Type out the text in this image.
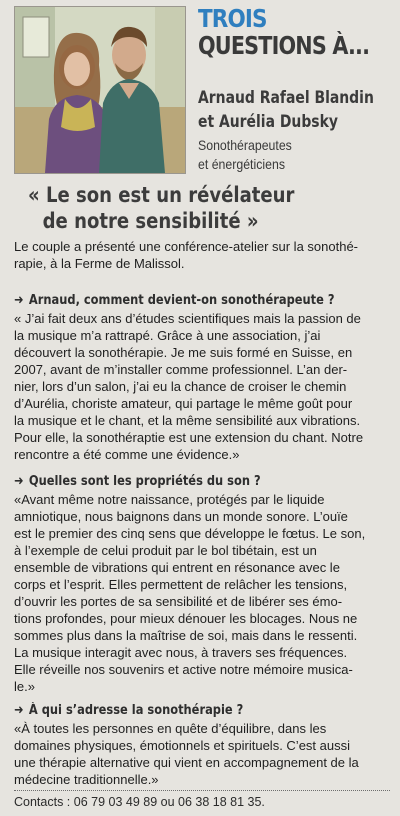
TROIS
QUESTIONS À...
Arnaud Rafael Blandin
et Aurélia Dubsky
Sonothérapeutes
et énergéticiens
« Le son est un révélateur
de notre sensibilité »
Le couple a présenté une conférence-atelier sur la sonothé-
rapie, à la Ferme de Malissol.
➜ Arnaud, comment devient-on sonothérapeute ?
« J’ai fait deux ans d’études scientifiques mais la passion de
la musique m’a rattrapé. Grâce à une association, j’ai
découvert la sonothérapie. Je me suis formé en Suisse, en
2007, avant de m’installer comme professionnel. L’an der-
nier, lors d’un salon, j’ai eu la chance de croiser le chemin
d’Aurélia, choriste amateur, qui partage le même goût pour
la musique et le chant, et la même sensibilité aux vibrations.
Pour elle, la sonothéraptie est une extension du chant. Notre
rencontre a été comme une évidence.»
➜ Quelles sont les propriétés du son ?
«Avant même notre naissance, protégés par le liquide
amniotique, nous baignons dans un monde sonore. L’ouïe
est le premier des cinq sens que développe le fœtus. Le son,
à l’exemple de celui produit par le bol tibétain, est un
ensemble de vibrations qui entrent en résonance avec le
corps et l’esprit. Elles permettent de relâcher les tensions,
d’ouvrir les portes de sa sensibilité et de libérer ses émo-
tions profondes, pour mieux dénouer les blocages. Nous ne
sommes plus dans la maîtrise de soi, mais dans le ressenti.
La musique interagit avec nous, à travers ses fréquences.
Elle réveille nos souvenirs et active notre mémoire musica-
le.»
➜ À qui s’adresse la sonothérapie ?
«À toutes les personnes en quête d’équilibre, dans les
domaines physiques, émotionnels et spirituels. C’est aussi
une thérapie alternative qui vient en accompagnement de la
médecine traditionnelle.»
Contacts : 06 79 03 49 89 ou 06 38 18 81 35.
